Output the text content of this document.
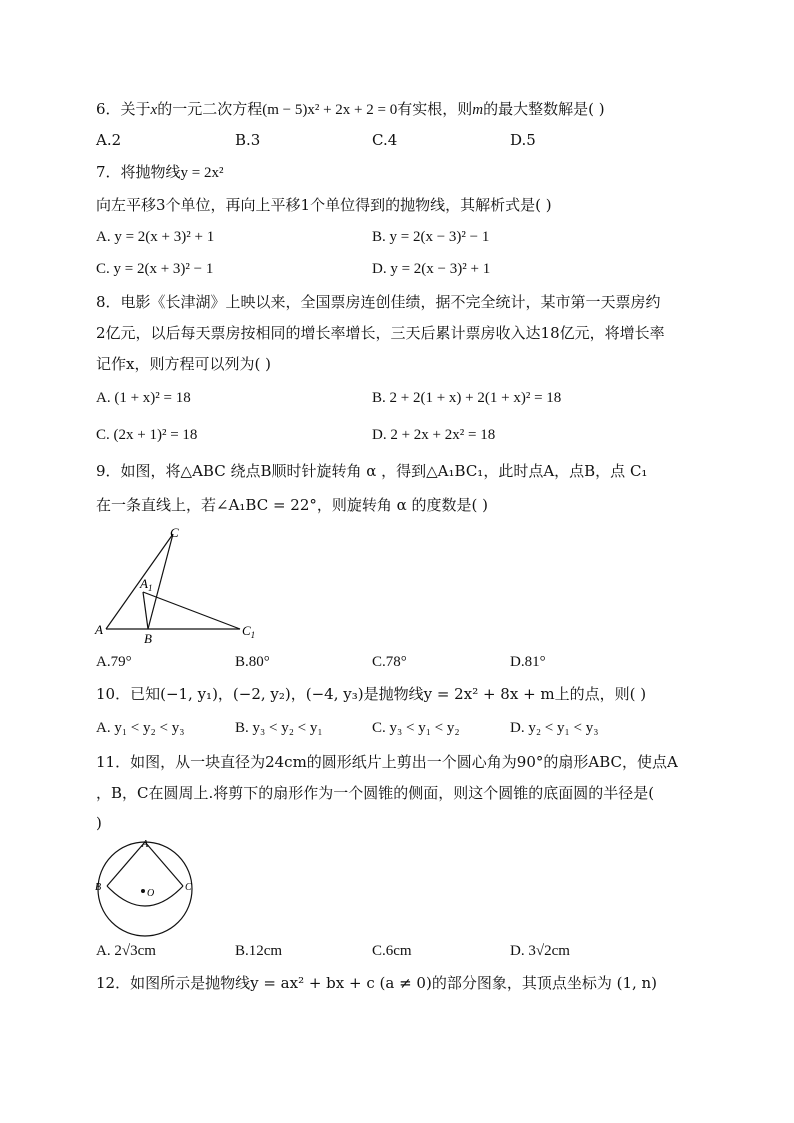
6．关于x的一元二次方程(m − 5)x² + 2x + 2 = 0有实根，则m的最大整数解是( )
A.2	B.3	C.4	D.5
7．将抛物线y = 2x²
向左平移3个单位，再向上平移1个单位得到的抛物线，其解析式是( )
A. y = 2(x + 3)² + 1	B. y = 2(x − 3)² − 1
C. y = 2(x + 3)² − 1	D. y = 2(x − 3)² + 1
8．电影《长津湖》上映以来，全国票房连创佳绩，据不完全统计，某市第一天票房约
2亿元，以后每天票房按相同的增长率增长，三天后累计票房收入达18亿元，将增长率
记作x，则方程可以列为( )
A. (1 + x)² = 18	B. 2 + 2(1 + x) + 2(1 + x)² = 18
C. (2x + 1)² = 18	D. 2 + 2x + 2x² = 18
9．如图，将△ABC 绕点B顺时针旋转角 α ，得到△A₁BC₁，此时点A，点B，点 C₁
在一条直线上，若∠A₁BC = 22°，则旋转角 α 的度数是( )
C
$A_1$
A
B
$C_1$
A.79°	B.80°	C.78°	D.81°
10．已知(−1, y₁)，(−2, y₂)，(−4, y₃)是抛物线y = 2x² + 8x + m上的点，则( )
A. y₁ < y₂ < y₃	B. y₃ < y₂ < y₁	C. y₃ < y₁ < y₂	D. y₂ < y₁ < y₃
11．如图，从一块直径为24cm的圆形纸片上剪出一个圆心角为90°的扇形ABC，使点A
，B，C在圆周上.将剪下的扇形作为一个圆锥的侧面，则这个圆锥的底面圆的半径是(
)
A
B	C
O
A. 2√3cm	B.12cm	C.6cm	D. 3√2cm
12．如图所示是抛物线y = ax² + bx + c (a ≠ 0)的部分图象，其顶点坐标为 (1, n)
